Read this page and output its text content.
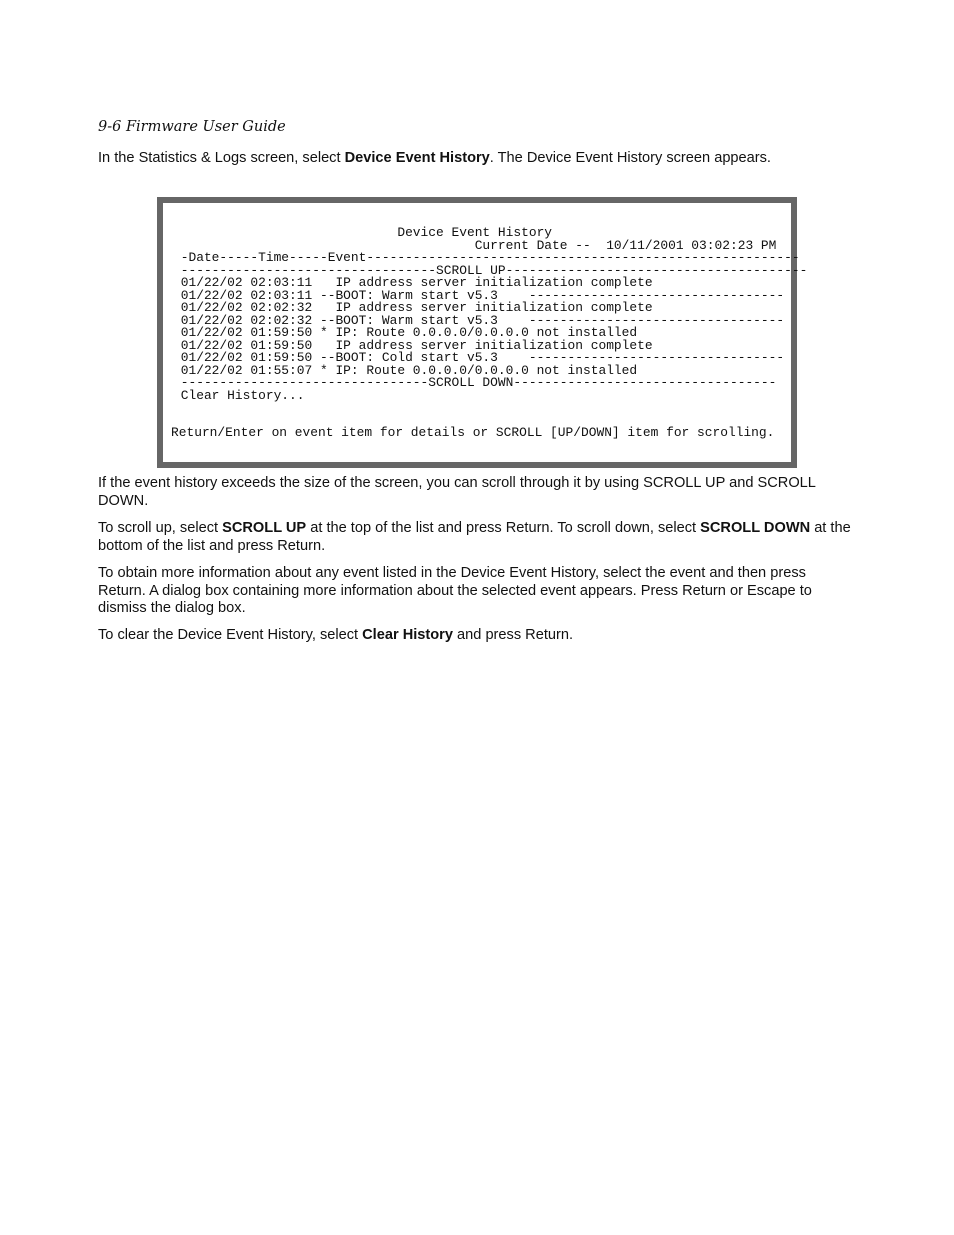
9-6 Firmware User Guide

In the Statistics & Logs screen, select Device Event History. The Device Event History screen appears.

Device Event History
Current Date --  10/11/2001 03:02:23 PM
-Date-----Time-----Event--------------------------------------------------------
---------------------------------SCROLL UP---------------------------------------
01/22/02 02:03:11   IP address server initialization complete
01/22/02 02:03:11 --BOOT: Warm start v5.3    ---------------------------------
01/22/02 02:02:32   IP address server initialization complete
01/22/02 02:02:32 --BOOT: Warm start v5.3    ---------------------------------
01/22/02 01:59:50 * IP: Route 0.0.0.0/0.0.0.0 not installed
01/22/02 01:59:50   IP address server initialization complete
01/22/02 01:59:50 --BOOT: Cold start v5.3    ---------------------------------
01/22/02 01:55:07 * IP: Route 0.0.0.0/0.0.0.0 not installed
--------------------------------SCROLL DOWN----------------------------------
Clear History...
Return/Enter on event item for details or SCROLL [UP/DOWN] item for scrolling.

If the event history exceeds the size of the screen, you can scroll through it by using SCROLL UP and SCROLL DOWN.

To scroll up, select SCROLL UP at the top of the list and press Return. To scroll down, select SCROLL DOWN at the bottom of the list and press Return.

To obtain more information about any event listed in the Device Event History, select the event and then press Return. A dialog box containing more information about the selected event appears. Press Return or Escape to dismiss the dialog box.

To clear the Device Event History, select Clear History and press Return.
